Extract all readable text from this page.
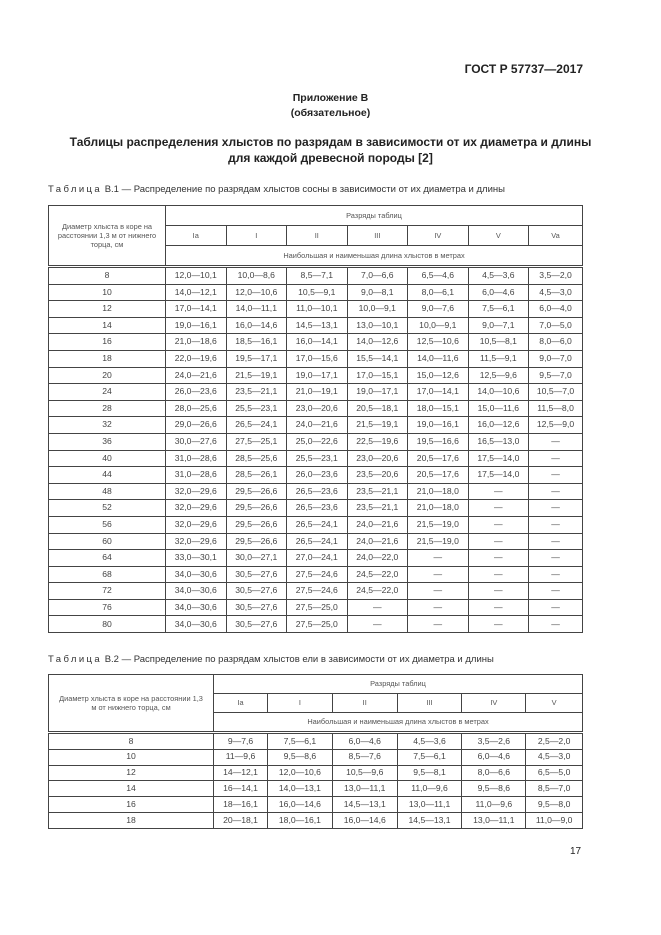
ГОСТ Р 57737—2017
Приложение В
(обязательное)
Таблицы распределения хлыстов по разрядам в зависимости от их диаметра и длины
для каждой древесной породы [2]
Таблица В.1 — Распределение по разрядам хлыстов сосны в зависимости от их диаметра и длины
Диаметр хлыста в коре на расстоянии 1,3 м от нижнего торца, см	Разряды таблиц						
	Ia	I	II	III	IV	V	Va
	Наибольшая и наименьшая длина хлыстов в метрах						
8	12,0—10,1	10,0—8,6	8,5—7,1	7,0—6,6	6,5—4,6	4,5—3,6	3,5—2,0
10	14,0—12,1	12,0—10,6	10,5—9,1	9,0—8,1	8,0—6,1	6,0—4,6	4,5—3,0
12	17,0—14,1	14,0—11,1	11,0—10,1	10,0—9,1	9,0—7,6	7,5—6,1	6,0—4,0
14	19,0—16,1	16,0—14,6	14,5—13,1	13,0—10,1	10,0—9,1	9,0—7,1	7,0—5,0
16	21,0—18,6	18,5—16,1	16,0—14,1	14,0—12,6	12,5—10,6	10,5—8,1	8,0—6,0
18	22,0—19,6	19,5—17,1	17,0—15,6	15,5—14,1	14,0—11,6	11,5—9,1	9,0—7,0
20	24,0—21,6	21,5—19,1	19,0—17,1	17,0—15,1	15,0—12,6	12,5—9,6	9,5—7,0
24	26,0—23,6	23,5—21,1	21,0—19,1	19,0—17,1	17,0—14,1	14,0—10,6	10,5—7,0
28	28,0—25,6	25,5—23,1	23,0—20,6	20,5—18,1	18,0—15,1	15,0—11,6	11,5—8,0
32	29,0—26,6	26,5—24,1	24,0—21,6	21,5—19,1	19,0—16,1	16,0—12,6	12,5—9,0
36	30,0—27,6	27,5—25,1	25,0—22,6	22,5—19,6	19,5—16,6	16,5—13,0	—
40	31,0—28,6	28,5—25,6	25,5—23,1	23,0—20,6	20,5—17,6	17,5—14,0	—
44	31,0—28,6	28,5—26,1	26,0—23,6	23,5—20,6	20,5—17,6	17,5—14,0	—
48	32,0—29,6	29,5—26,6	26,5—23,6	23,5—21,1	21,0—18,0	—	—
52	32,0—29,6	29,5—26,6	26,5—23,6	23,5—21,1	21,0—18,0	—	—
56	32,0—29,6	29,5—26,6	26,5—24,1	24,0—21,6	21,5—19,0	—	—
60	32,0—29,6	29,5—26,6	26,5—24,1	24,0—21,6	21,5—19,0	—	—
64	33,0—30,1	30,0—27,1	27,0—24,1	24,0—22,0	—	—	—
68	34,0—30,6	30,5—27,6	27,5—24,6	24,5—22,0	—	—	—
72	34,0—30,6	30,5—27,6	27,5—24,6	24,5—22,0	—	—	—
76	34,0—30,6	30,5—27,6	27,5—25,0	—	—	—	—
80	34,0—30,6	30,5—27,6	27,5—25,0	—	—	—	—
Таблица В.2 — Распределение по разрядам хлыстов ели в зависимости от их диаметра и длины
Диаметр хлыста в коре на расстоянии 1,3 м от нижнего торца, см	Разряды таблиц					
	Ia	I	II	III	IV	V
	Наибольшая и наименьшая длина хлыстов в метрах					
8	9—7,6	7,5—6,1	6,0—4,6	4,5—3,6	3,5—2,6	2,5—2,0
10	11—9,6	9,5—8,6	8,5—7,6	7,5—6,1	6,0—4,6	4,5—3,0
12	14—12,1	12,0—10,6	10,5—9,6	9,5—8,1	8,0—6,6	6,5—5,0
14	16—14,1	14,0—13,1	13,0—11,1	11,0—9,6	9,5—8,6	8,5—7,0
16	18—16,1	16,0—14,6	14,5—13,1	13,0—11,1	11,0—9,6	9,5—8,0
18	20—18,1	18,0—16,1	16,0—14,6	14,5—13,1	13,0—11,1	11,0—9,0
17
